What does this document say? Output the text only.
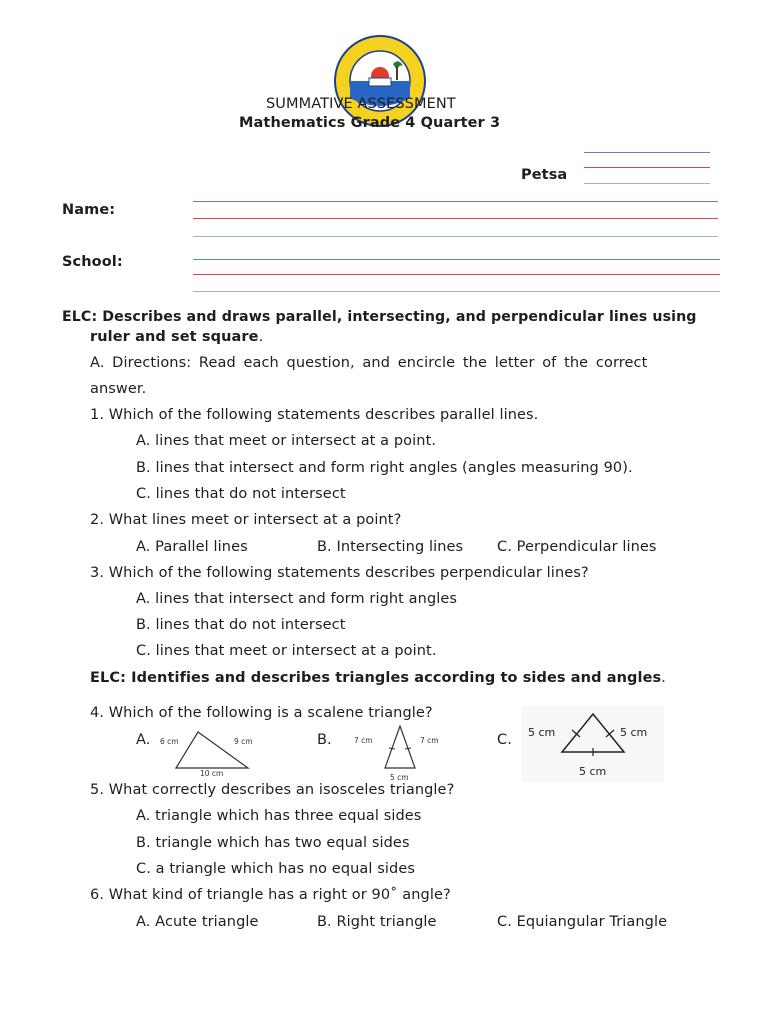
SUMMATIVE ASSESSMENT
Mathematics Grade 4 Quarter 3
Petsa
Name:
School:
ELC: Describes and draws parallel, intersecting, and perpendicular lines using
ruler and set square.
A. Directions: Read each question, and encircle the letter of the correct
answer.
1. Which of the following statements describes parallel lines.
A. lines that meet or intersect at a point.
B. lines that intersect and form right angles (angles measuring 90).
C. lines that do not intersect
2. What lines meet or intersect at a point?
A. Parallel lines	B. Intersecting lines C. Perpendicular lines
3. Which of the following statements describes perpendicular lines?
A. lines that intersect and form right angles
B. lines that do not intersect
C. lines that meet or intersect at a point.
ELC: Identifies and describes triangles according to sides and angles.
4. Which of the following is a scalene triangle?
A. 6 cm	9 cm
10 cm
B.	7 cm	7 cm
5 cm
C. 5 cm	5 cm
5 cm
5. What correctly describes an isosceles triangle?
A. triangle which has three equal sides
B. triangle which has two equal sides
C. a triangle which has no equal sides
6. What kind of triangle has a right or 90˚ angle?
A. Acute triangle	B. Right triangle	C. Equiangular Triangle
